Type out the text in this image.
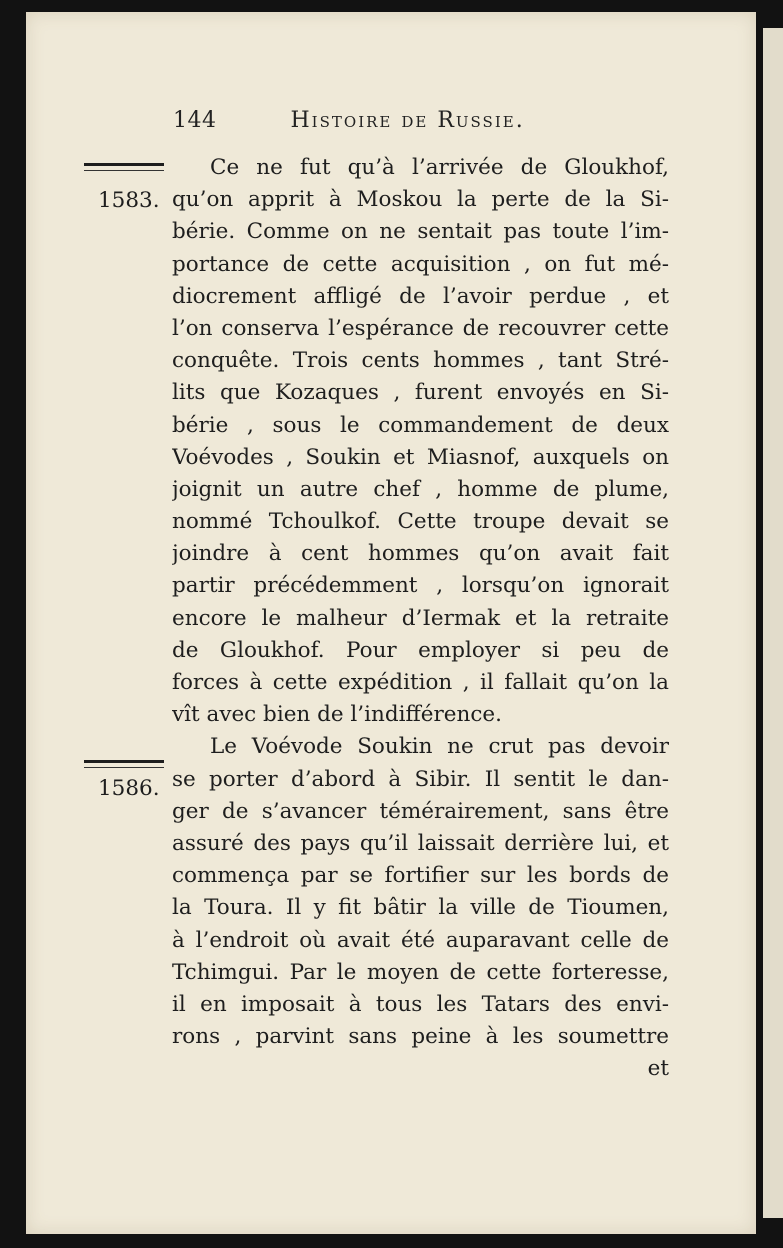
144	Histoire de Russie.
1583.
1586.
Ce ne fut qu’à l’arrivée de Gloukhof,
qu’on apprit à Moskou la perte de la Si-
bérie. Comme on ne sentait pas toute l’im-
portance de cette acquisition , on fut mé-
diocrement affligé de l’avoir perdue , et
l’on conserva l’espérance de recouvrer cette
conquête. Trois cents hommes , tant Stré-
lits que Kozaques , furent envoyés en Si-
bérie , sous le commandement de deux
Voévodes , Soukin et Miasnof, auxquels on
joignit un autre chef , homme de plume,
nommé Tchoulkof. Cette troupe devait se
joindre à cent hommes qu’on avait fait
partir précédemment , lorsqu’on ignorait
encore le malheur d’Iermak et la retraite
de Gloukhof. Pour employer si peu de
forces à cette expédition , il fallait qu’on la
vît avec bien de l’indifférence.
Le Voévode Soukin ne crut pas devoir
se porter d’abord à Sibir. Il sentit le dan-
ger de s’avancer témérairement, sans être
assuré des pays qu’il laissait derrière lui, et
commença par se fortifier sur les bords de
la Toura. Il y fit bâtir la ville de Tioumen,
à l’endroit où avait été auparavant celle de
Tchimgui. Par le moyen de cette forteresse,
il en imposait à tous les Tatars des envi-
rons , parvint sans peine à les soumettre
et
